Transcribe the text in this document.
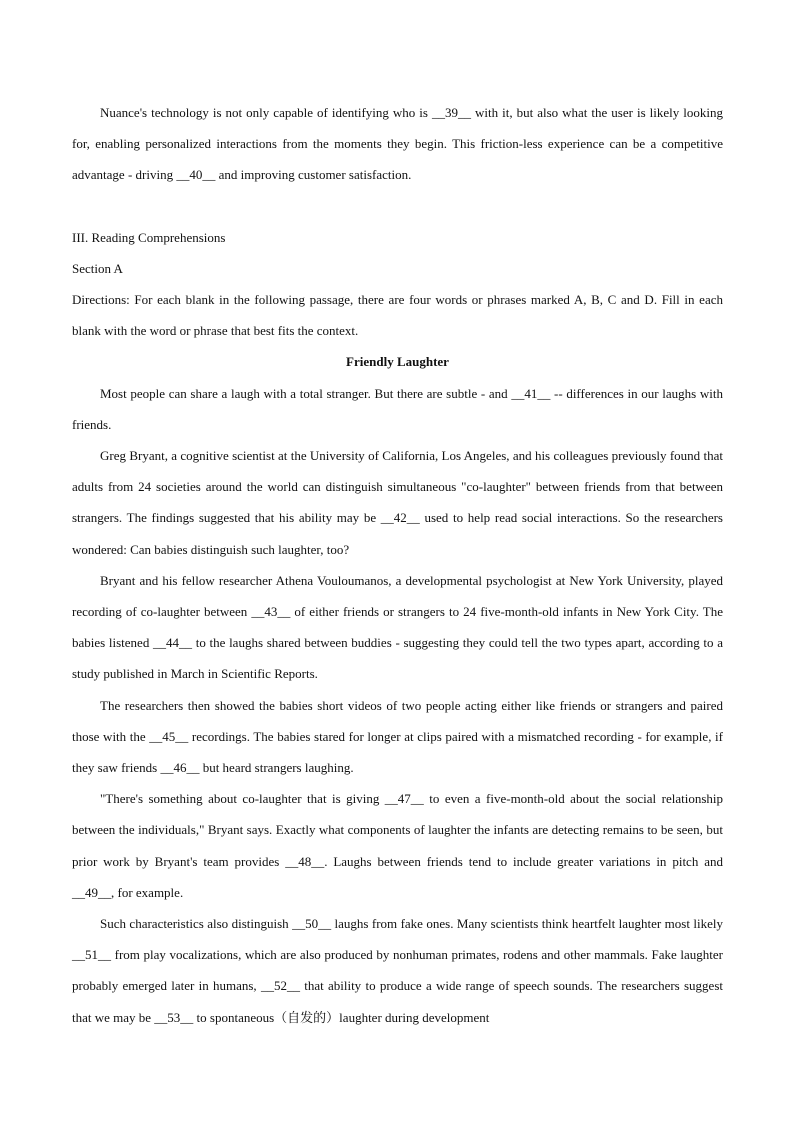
Nuance's technology is not only capable of identifying who is __39__ with it, but also what the user is likely looking for, enabling personalized interactions from the moments they begin. This friction-less experience can be a competitive advantage - driving __40__ and improving customer satisfaction.

III. Reading Comprehensions

Section A

Directions: For each blank in the following passage, there are four words or phrases marked A, B, C and D. Fill in each blank with the word or phrase that best fits the context.

Friendly Laughter

Most people can share a laugh with a total stranger. But there are subtle - and __41__ -- differences in our laughs with friends.

Greg Bryant, a cognitive scientist at the University of California, Los Angeles, and his colleagues previously found that adults from 24 societies around the world can distinguish simultaneous "co-laughter" between friends from that between strangers. The findings suggested that his ability may be __42__ used to help read social interactions. So the researchers wondered: Can babies distinguish such laughter, too?

Bryant and his fellow researcher Athena Vouloumanos, a developmental psychologist at New York University, played recording of co-laughter between __43__ of either friends or strangers to 24 five-month-old infants in New York City. The babies listened __44__ to the laughs shared between buddies - suggesting they could tell the two types apart, according to a study published in March in Scientific Reports.

The researchers then showed the babies short videos of two people acting either like friends or strangers and paired those with the __45__ recordings. The babies stared for longer at clips paired with a mismatched recording - for example, if they saw friends __46__ but heard strangers laughing.

"There's something about co-laughter that is giving __47__ to even a five-month-old about the social relationship between the individuals," Bryant says. Exactly what components of laughter the infants are detecting remains to be seen, but prior work by Bryant's team provides __48__. Laughs between friends tend to include greater variations in pitch and __49__, for example.

Such characteristics also distinguish __50__ laughs from fake ones. Many scientists think heartfelt laughter most likely __51__ from play vocalizations, which are also produced by nonhuman primates, rodens and other mammals. Fake laughter probably emerged later in humans, __52__ that ability to produce a wide range of speech sounds. The researchers suggest that we may be __53__ to spontaneous（自发的）laughter during development
